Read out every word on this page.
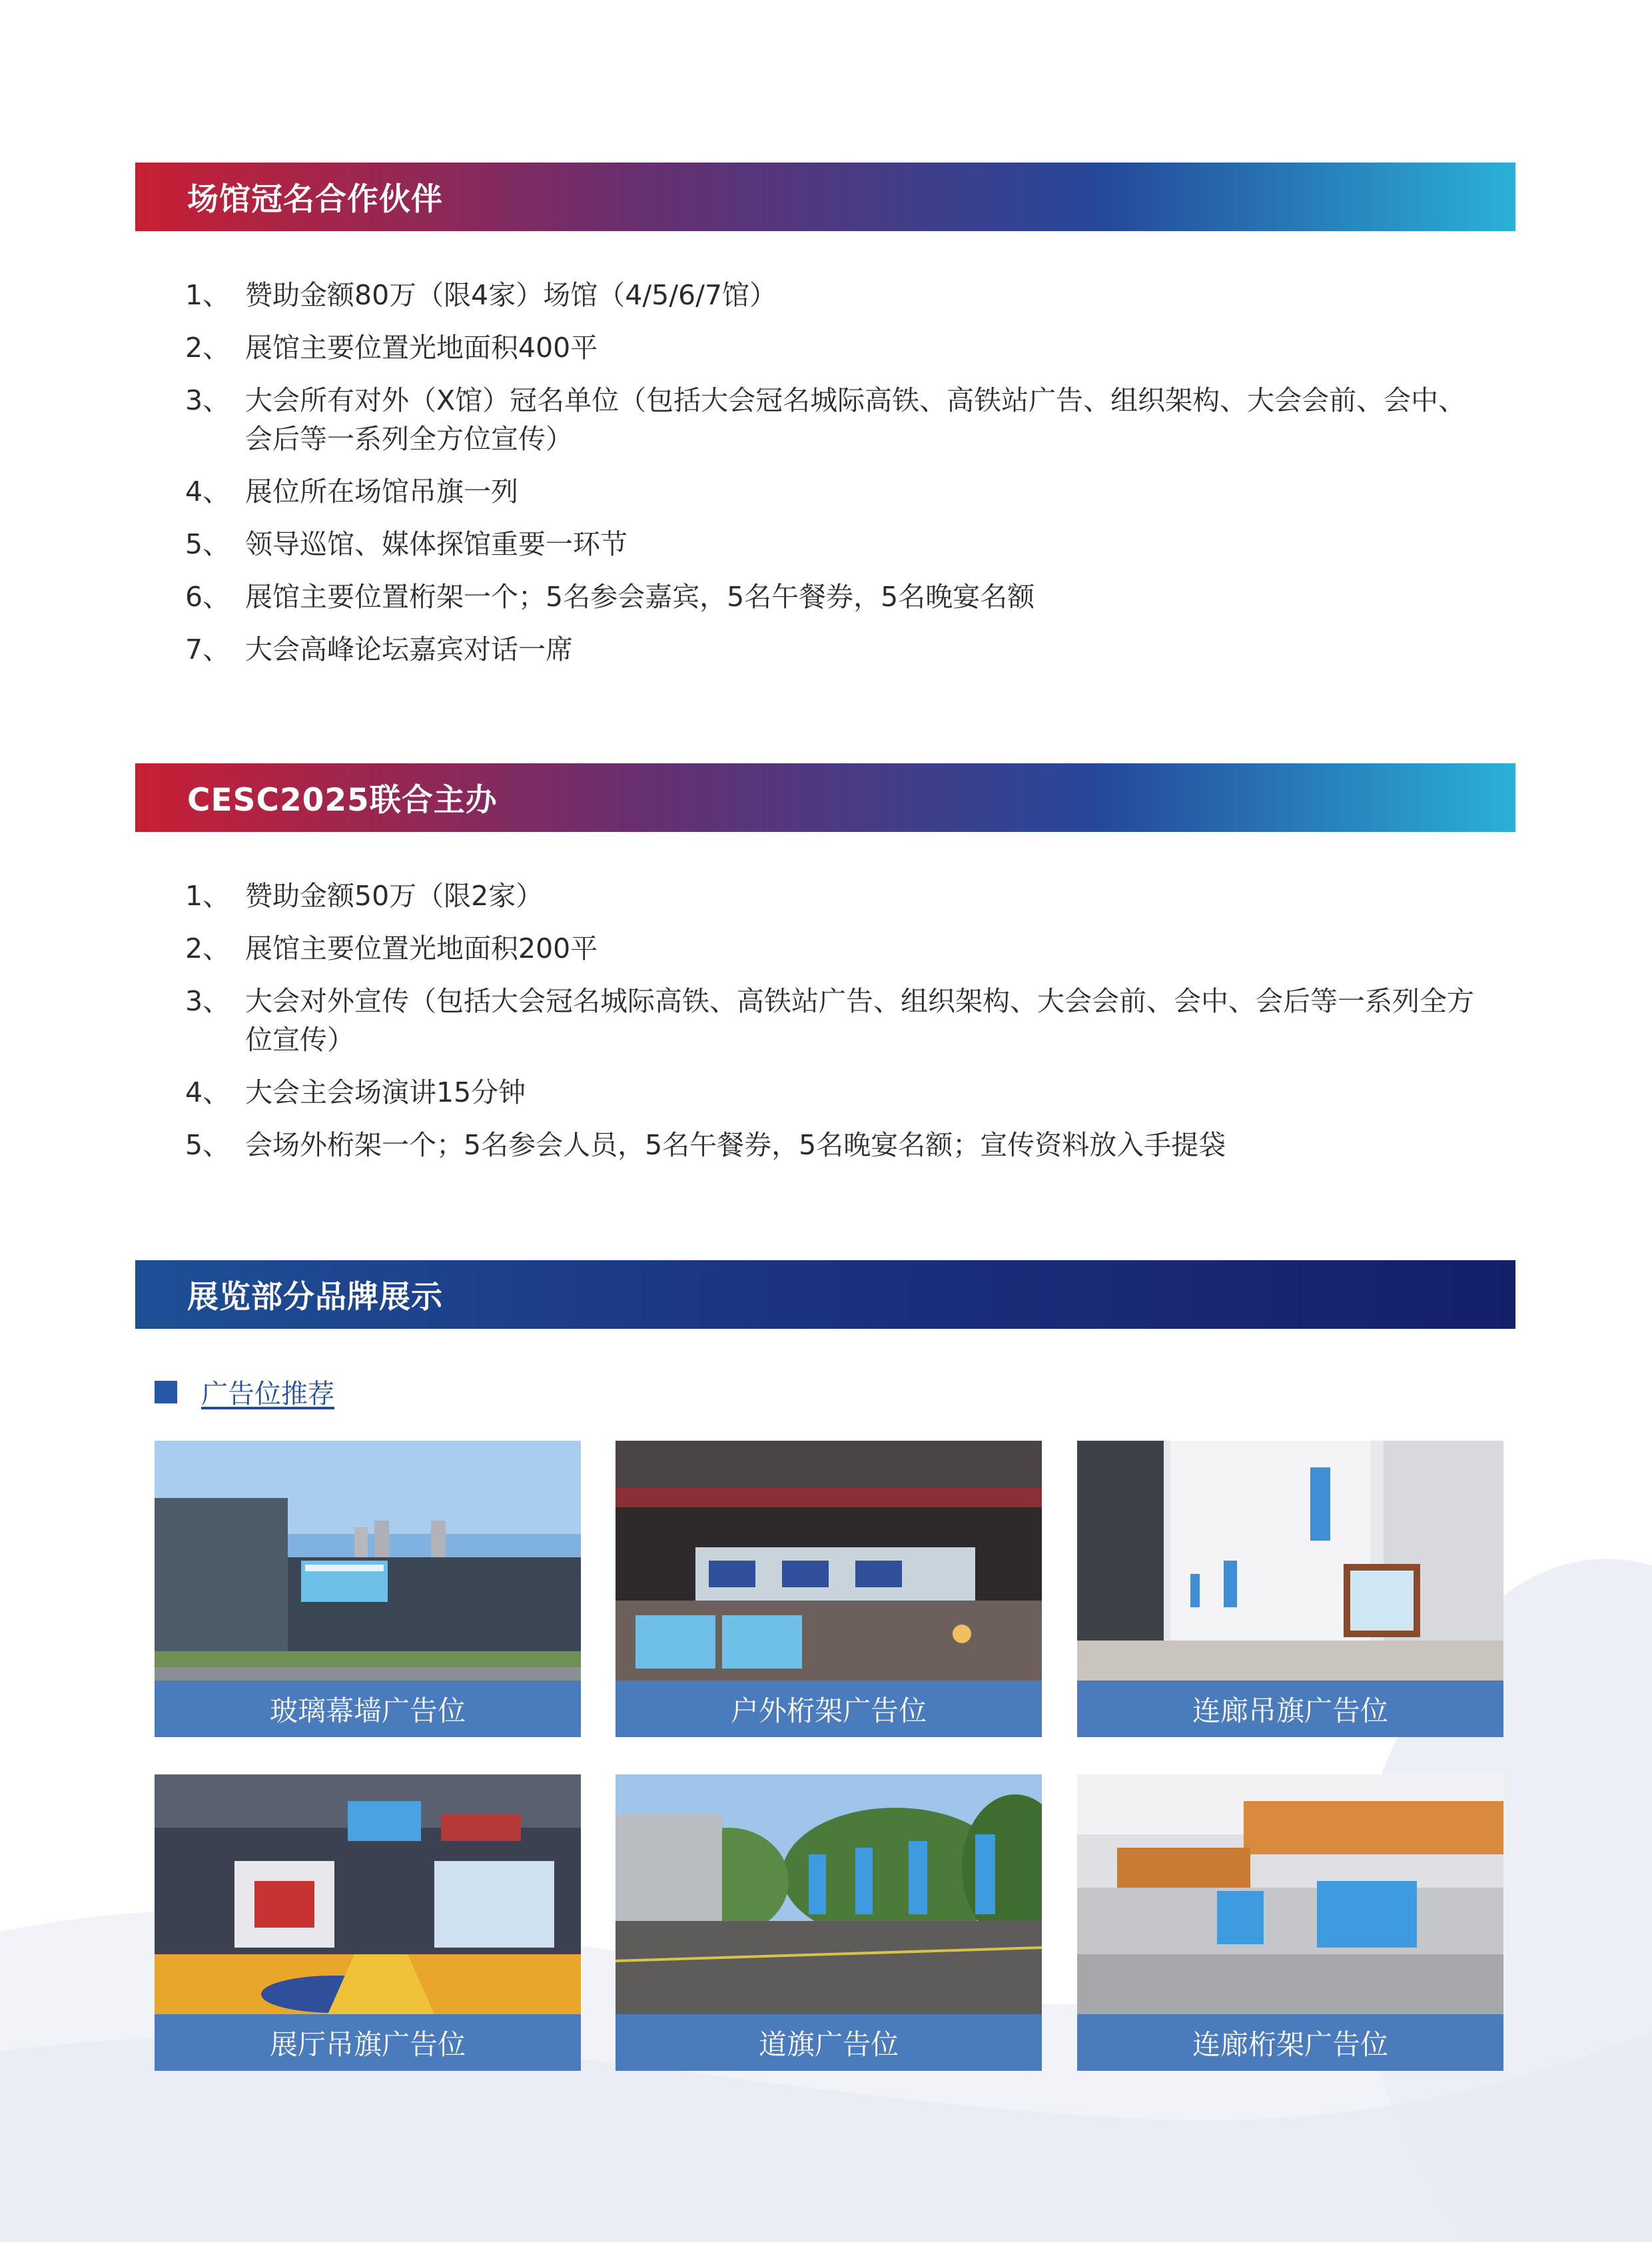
场馆冠名合作伙伴
1、 赞助金额80万（限4家）场馆（4/5/6/7馆）
2、 展馆主要位置光地面积400平
3、 大会所有对外（X馆）冠名单位（包括大会冠名城际高铁、高铁站广告、组织架构、大会会前、会中、会后等一系列全方位宣传）
4、 展位所在场馆吊旗一列
5、 领导巡馆、媒体探馆重要一环节
6、 展馆主要位置桁架一个；5名参会嘉宾，5名午餐券，5名晚宴名额
7、 大会高峰论坛嘉宾对话一席
CESC2025联合主办
1、 赞助金额50万（限2家）
2、 展馆主要位置光地面积200平
3、 大会对外宣传（包括大会冠名城际高铁、高铁站广告、组织架构、大会会前、会中、会后等一系列全方位宣传）
4、 大会主会场演讲15分钟
5、 会场外桁架一个；5名参会人员，5名午餐券，5名晚宴名额；宣传资料放入手提袋
展览部分品牌展示
广告位推荐
玻璃幕墙广告位	户外桁架广告位	连廊吊旗广告位
展厅吊旗广告位	道旗广告位	连廊桁架广告位
